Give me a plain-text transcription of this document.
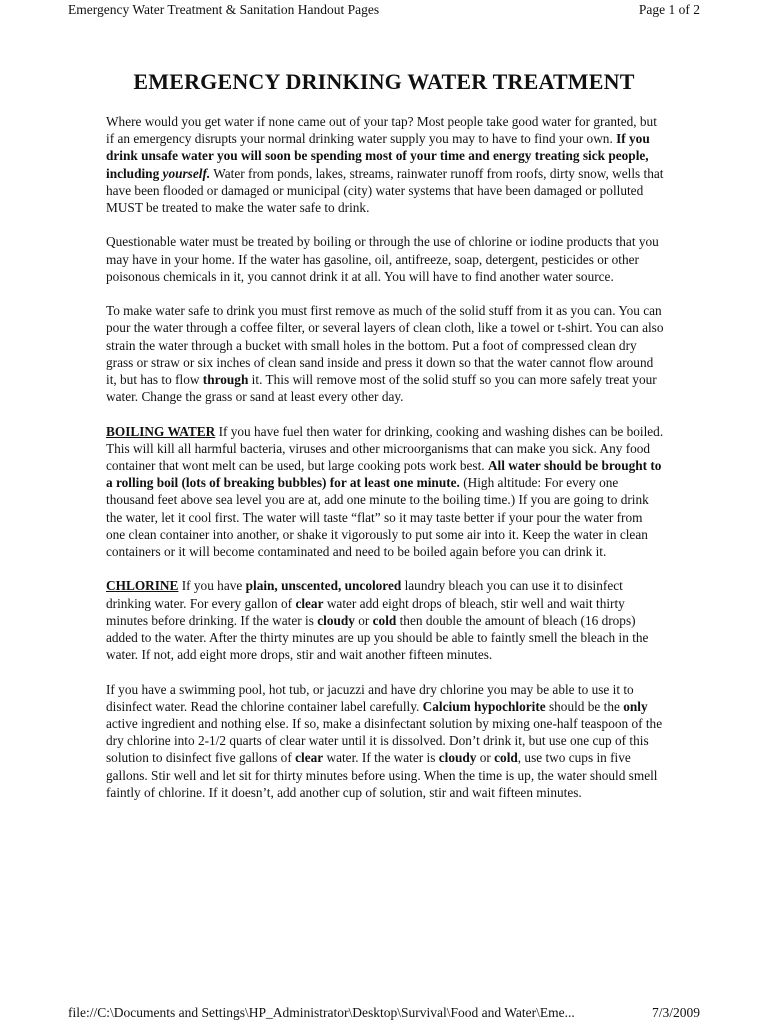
Emergency Water Treatment & Sanitation Handout Pages	Page 1 of 2
EMERGENCY DRINKING WATER TREATMENT

Where would you get water if none came out of your tap? Most people take good water for granted, but if an emergency disrupts your normal drinking water supply you may to have to find your own. If you drink unsafe water you will soon be spending most of your time and energy treating sick people, including yourself. Water from ponds, lakes, streams, rainwater runoff from roofs, dirty snow, wells that have been flooded or damaged or municipal (city) water systems that have been damaged or polluted MUST be treated to make the water safe to drink.

Questionable water must be treated by boiling or through the use of chlorine or iodine products that you may have in your home. If the water has gasoline, oil, antifreeze, soap, detergent, pesticides or other poisonous chemicals in it, you cannot drink it at all. You will have to find another water source.

To make water safe to drink you must first remove as much of the solid stuff from it as you can. You can pour the water through a coffee filter, or several layers of clean cloth, like a towel or t-shirt. You can also strain the water through a bucket with small holes in the bottom. Put a foot of compressed clean dry grass or straw or six inches of clean sand inside and press it down so that the water cannot flow around it, but has to flow through it. This will remove most of the solid stuff so you can more safely treat your water. Change the grass or sand at least every other day.

BOILING WATER If you have fuel then water for drinking, cooking and washing dishes can be boiled. This will kill all harmful bacteria, viruses and other microorganisms that can make you sick. Any food container that wont melt can be used, but large cooking pots work best. All water should be brought to a rolling boil (lots of breaking bubbles) for at least one minute. (High altitude: For every one thousand feet above sea level you are at, add one minute to the boiling time.) If you are going to drink the water, let it cool first. The water will taste “flat” so it may taste better if your pour the water from one clean container into another, or shake it vigorously to put some air into it. Keep the water in clean containers or it will become contaminated and need to be boiled again before you can drink it.

CHLORINE If you have plain, unscented, uncolored laundry bleach you can use it to disinfect drinking water. For every gallon of clear water add eight drops of bleach, stir well and wait thirty minutes before drinking. If the water is cloudy or cold then double the amount of bleach (16 drops) added to the water. After the thirty minutes are up you should be able to faintly smell the bleach in the water. If not, add eight more drops, stir and wait another fifteen minutes.

If you have a swimming pool, hot tub, or jacuzzi and have dry chlorine you may be able to use it to disinfect water. Read the chlorine container label carefully. Calcium hypochlorite should be the only active ingredient and nothing else. If so, make a disinfectant solution by mixing one-half teaspoon of the dry chlorine into 2-1/2 quarts of clear water until it is dissolved. Don’t drink it, but use one cup of this solution to disinfect five gallons of clear water. If the water is cloudy or cold, use two cups in five gallons. Stir well and let sit for thirty minutes before using. When the time is up, the water should smell faintly of chlorine. If it doesn’t, add another cup of solution, stir and wait fifteen minutes.

file://C:\Documents and Settings\HP_Administrator\Desktop\Survival\Food and Water\Eme...	7/3/2009
